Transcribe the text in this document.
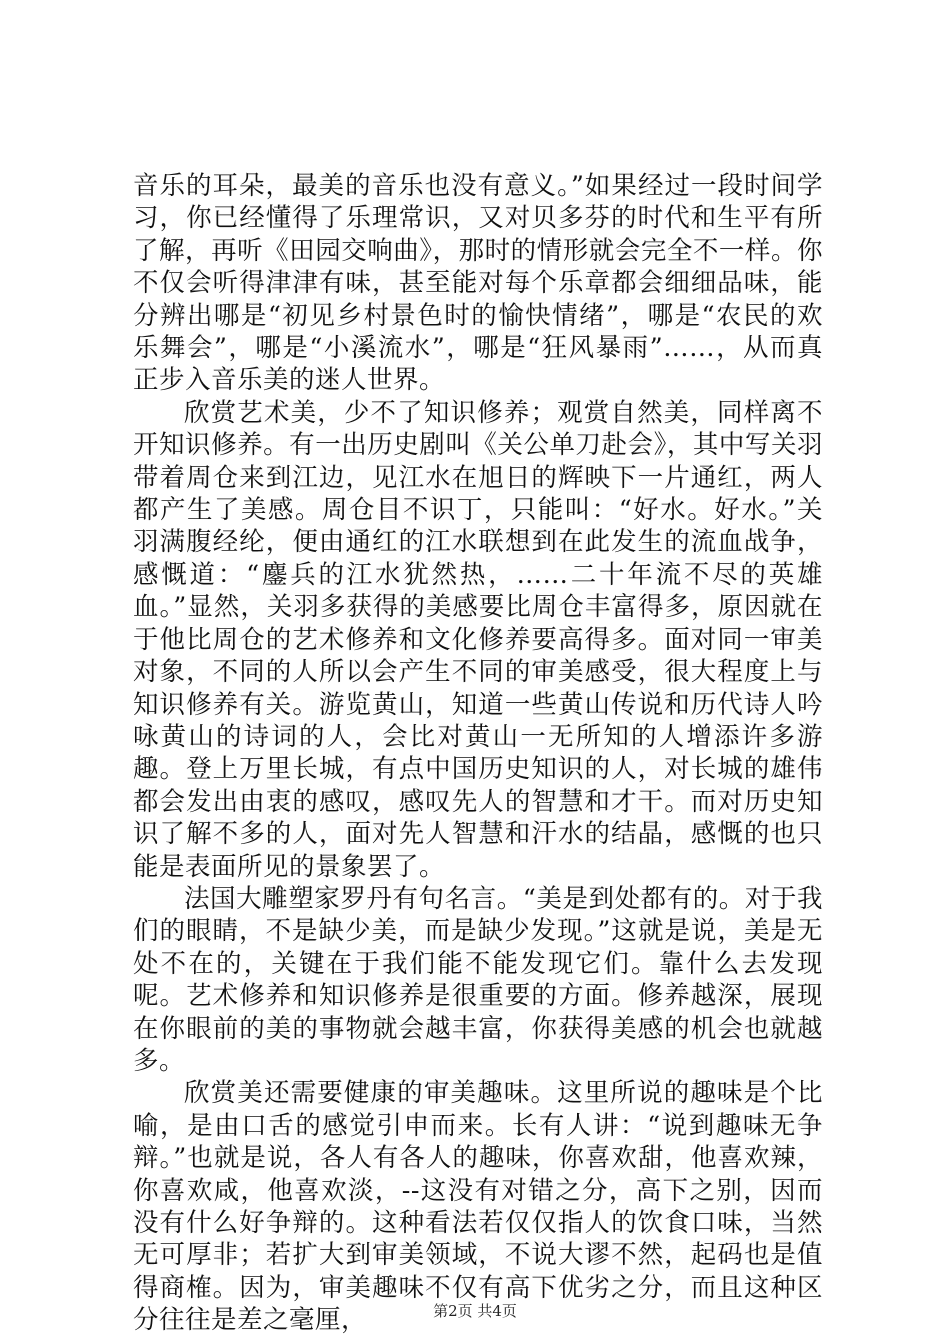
音乐的耳朵，最美的音乐也没有意义。”如果经过一段时间学习，你已经懂得了乐理常识，又对贝多芬的时代和生平有所了解，再听《田园交响曲》，那时的情形就会完全不一样。你不仅会听得津津有味，甚至能对每个乐章都会细细品味，能分辨出哪是“初见乡村景色时的愉快情绪”，哪是“农民的欢乐舞会”，哪是“小溪流水”，哪是“狂风暴雨”……，从而真正步入音乐美的迷人世界。

欣赏艺术美，少不了知识修养；观赏自然美，同样离不开知识修养。有一出历史剧叫《关公单刀赴会》，其中写关羽带着周仓来到江边，见江水在旭日的辉映下一片通红，两人都产生了美感。周仓目不识丁，只能叫：“好水。好水。”关羽满腹经纶，便由通红的江水联想到在此发生的流血战争，感慨道：“鏖兵的江水犹然热，……二十年流不尽的英雄血。”显然，关羽多获得的美感要比周仓丰富得多，原因就在于他比周仓的艺术修养和文化修养要高得多。面对同一审美对象，不同的人所以会产生不同的审美感受，很大程度上与知识修养有关。游览黄山，知道一些黄山传说和历代诗人吟咏黄山的诗词的人，会比对黄山一无所知的人增添许多游趣。登上万里长城，有点中国历史知识的人，对长城的雄伟都会发出由衷的感叹，感叹先人的智慧和才干。而对历史知识了解不多的人，面对先人智慧和汗水的结晶，感慨的也只能是表面所见的景象罢了。

法国大雕塑家罗丹有句名言。“美是到处都有的。对于我们的眼睛，不是缺少美，而是缺少发现。”这就是说，美是无处不在的，关键在于我们能不能发现它们。靠什么去发现呢。艺术修养和知识修养是很重要的方面。修养越深，展现在你眼前的美的事物就会越丰富，你获得美感的机会也就越多。

欣赏美还需要健康的审美趣味。这里所说的趣味是个比喻，是由口舌的感觉引申而来。长有人讲：“说到趣味无争辩。”也就是说，各人有各人的趣味，你喜欢甜，他喜欢辣，你喜欢咸，他喜欢淡，--这没有对错之分，高下之别，因而没有什么好争辩的。这种看法若仅仅指人的饮食口味，当然无可厚非；若扩大到审美领域，不说大谬不然，起码也是值得商榷。因为，审美趣味不仅有高下优劣之分，而且这种区分往往是差之毫厘，	第2页 共4页
